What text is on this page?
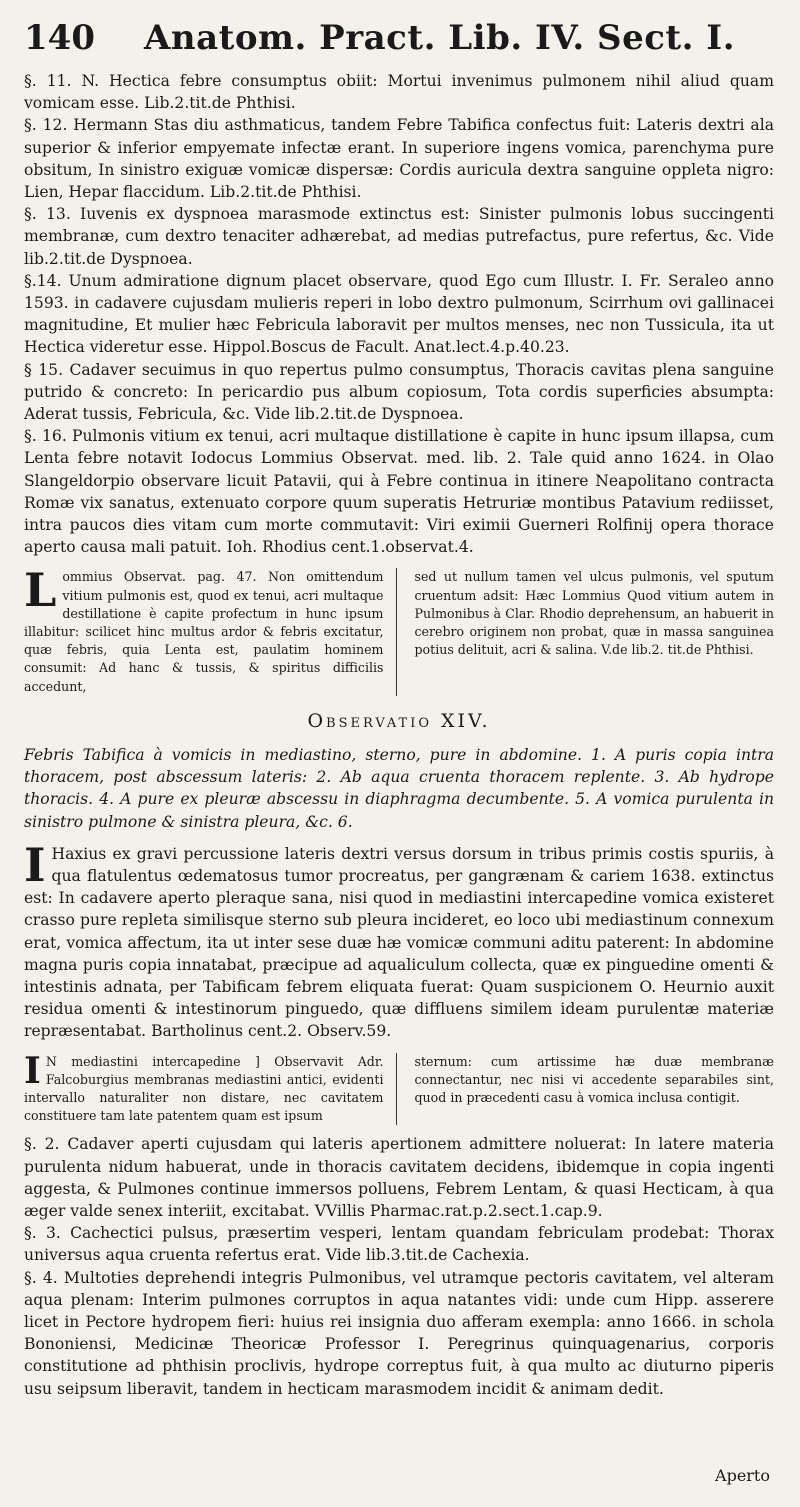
140	Anatom. Pract. Lib. IV. Sect. I.

§. 11. N. Hectica febre consumptus obiit: Mortui invenimus pulmonem nihil aliud quam vomicam esse. Lib.2.tit.de Phthisi.

§. 12. Hermann Stas diu asthmaticus, tandem Febre Tabifica confectus fuit: Lateris dextri ala superior & inferior empyemate infectæ erant. In superiore ingens vomica, parenchyma pure obsitum, In sinistro exiguæ vomicæ dispersæ: Cordis auricula dextra sanguine oppleta nigro: Lien, Hepar flaccidum. Lib.2.tit.de Phthisi.

§. 13. Iuvenis ex dyspnoea marasmode extinctus est: Sinister pulmonis lobus succingenti membranæ, cum dextro tenaciter adhærebat, ad medias putrefactus, pure refertus, &c. Vide lib.2.tit.de Dyspnoea.

§.14. Unum admiratione dignum placet observare, quod Ego cum Illustr. I. Fr. Seraleo anno 1593. in cadavere cujusdam mulieris reperi in lobo dextro pulmonum, Scirrhum ovi gallinacei magnitudine, Et mulier hæc Febricula laboravit per multos menses, nec non Tussicula, ita ut Hectica videretur esse. Hippol.Boscus de Facult. Anat.lect.4.p.40.23.

§ 15. Cadaver secuimus in quo repertus pulmo consumptus, Thoracis cavitas plena sanguine putrido & concreto: In pericardio pus album copiosum, Tota cordis superficies absumpta: Aderat tussis, Febricula, &c. Vide lib.2.tit.de Dyspnoea.

§. 16. Pulmonis vitium ex tenui, acri multaque distillatione è capite in hunc ipsum illapsa, cum Lenta febre notavit Iodocus Lommius Observat. med. lib. 2. Tale quid anno 1624. in Olao Slangeldorpio observare licuit Patavii, qui à Febre continua in itinere Neapolitano contracta Romæ vix sanatus, extenuato corpore quum superatis Hetruriæ montibus Patavium rediisset, intra paucos dies vitam cum morte commutavit: Viri eximii Guerneri Rolfinij opera thorace aperto causa mali patuit. Ioh. Rhodius cent.1.observat.4.

Lommius Observat. pag. 47. Non omittendum vitium pulmonis est, quod ex tenui, acri multaque destillatione è capite profectum in hunc ipsum illabitur: scilicet hinc multus ardor & febris excitatur, quæ febris, quia Lenta est, paulatim hominem consumit: Ad hanc & tussis, & spiritus difficilis accedunt,
sed ut nullum tamen vel ulcus pulmonis, vel sputum cruentum adsit: Hæc Lommius Quod vitium autem in Pulmonibus à Clar. Rhodio deprehensum, an habuerit in cerebro originem non probat, quæ in massa sanguinea potius delituit, acri & salina. V.de lib.2. tit.de Phthisi.
Observatio XIV.

Febris Tabifica à vomicis in mediastino, sterno, pure in abdomine. 1. A puris copia intra thoracem, post abscessum lateris: 2. Ab aqua cruenta thoracem replente. 3. Ab hydrope thoracis. 4. A pure ex pleuræ abscessu in diaphragma decumbente. 5. A vomica purulenta in sinistro pulmone & sinistra pleura, &c. 6.

I Haxius ex gravi percussione lateris dextri versus dorsum in tribus primis costis spuriis, à qua flatulentus œdematosus tumor procreatus, per gangrænam & cariem 1638. extinctus est: In cadavere aperto pleraque sana, nisi quod in mediastini intercapedine vomica existeret crasso pure repleta similisque sterno sub pleura incideret, eo loco ubi mediastinum connexum erat, vomica affectum, ita ut inter sese duæ hæ vomicæ communi aditu paterent: In abdomine magna puris copia innatabat, præcipue ad aqualiculum collecta, quæ ex pinguedine omenti & intestinis adnata, per Tabificam febrem eliquata fuerat: Quam suspicionem O. Heurnio auxit residua omenti & intestinorum pinguedo, quæ diffluens similem ideam purulentæ materiæ repræsentabat. Bartholinus cent.2. Observ.59.

I N mediastini intercapedine ] Observavit Adr. Falcoburgius membranas mediastini antici, evidenti intervallo naturaliter non distare, nec cavitatem constituere tam late patentem quam est ipsum
sternum: cum artissime hæ duæ membranæ connectantur, nec nisi vi accedente separabiles sint, quod in præcedenti casu à vomica inclusa contigit.

§. 2. Cadaver aperti cujusdam qui lateris apertionem admittere noluerat: In latere materia purulenta nidum habuerat, unde in thoracis cavitatem decidens, ibidemque in copia ingenti aggesta, & Pulmones continue immersos polluens, Febrem Lentam, & quasi Hecticam, à qua æger valde senex interiit, excitabat. VVillis Pharmac.rat.p.2.sect.1.cap.9.

§. 3. Cachectici pulsus, præsertim vesperi, lentam quandam febriculam prodebat: Thorax universus aqua cruenta refertus erat. Vide lib.3.tit.de Cachexia.

§. 4. Multoties deprehendi integris Pulmonibus, vel utramque pectoris cavitatem, vel alteram aqua plenam: Interim pulmones corruptos in aqua natantes vidi: unde cum Hipp. asserere licet in Pectore hydropem fieri: huius rei insignia duo afferam exempla: anno 1666. in schola Bononiensi, Medicinæ Theoricæ Professor I. Peregrinus quinquagenarius, corporis constitutione ad phthisin proclivis, hydrope correptus fuit, à qua multo ac diuturno piperis usu seipsum liberavit, tandem in hecticam marasmodem incidit & animam dedit.

Aperto
